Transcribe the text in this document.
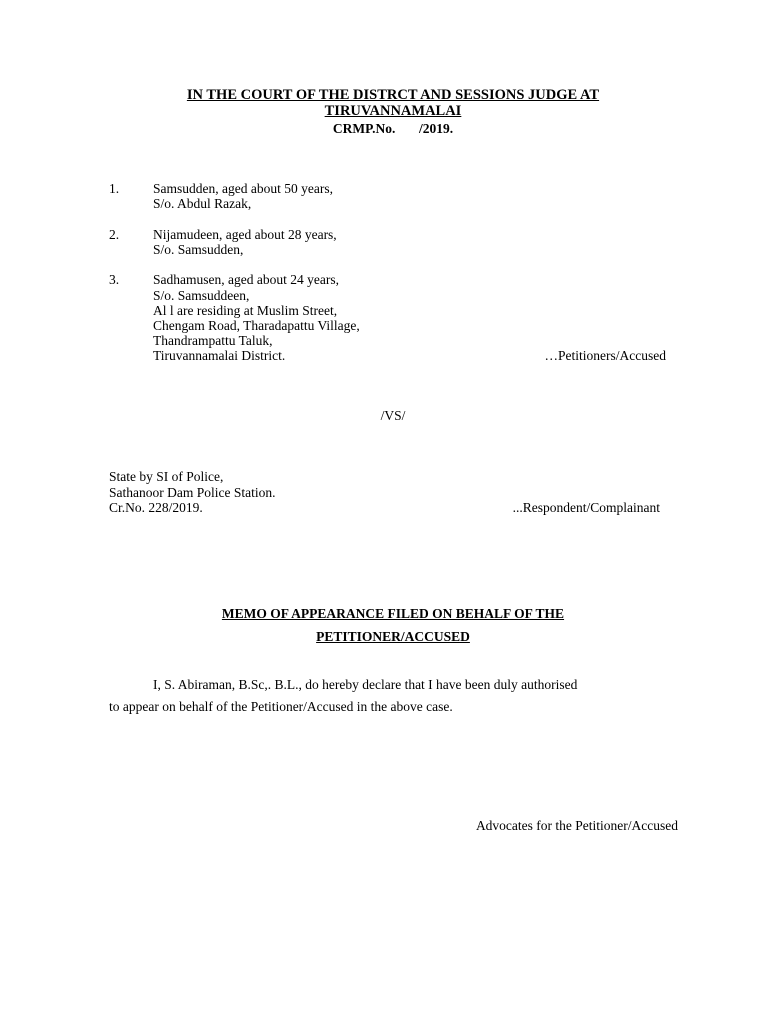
IN THE COURT OF THE DISTRCT AND SESSIONS JUDGE AT
TIRUVANNAMALAI
CRMP.No.       /2019.
1.	Samsudden, aged about 50 years,
S/o. Abdul Razak,
2.	Nijamudeen, aged about 28 years,
S/o. Samsudden,
3.	Sadhamusen, aged about 24 years,
S/o. Samsuddeen,
Al l are residing at Muslim Street,
Chengam Road, Tharadapattu Village,
Thandrampattu Taluk,
Tiruvannamalai District.	…Petitioners/Accused
/VS/
State by SI of Police,
Sathanoor Dam Police Station.
Cr.No. 228/2019.	...Respondent/Complainant
MEMO OF APPEARANCE FILED ON BEHALF OF THE
PETITIONER/ACCUSED
I, S. Abiraman, B.Sc,. B.L., do hereby declare that I have been duly authorised
to appear on behalf of the Petitioner/Accused in the above case.
Advocates for the Petitioner/Accused
